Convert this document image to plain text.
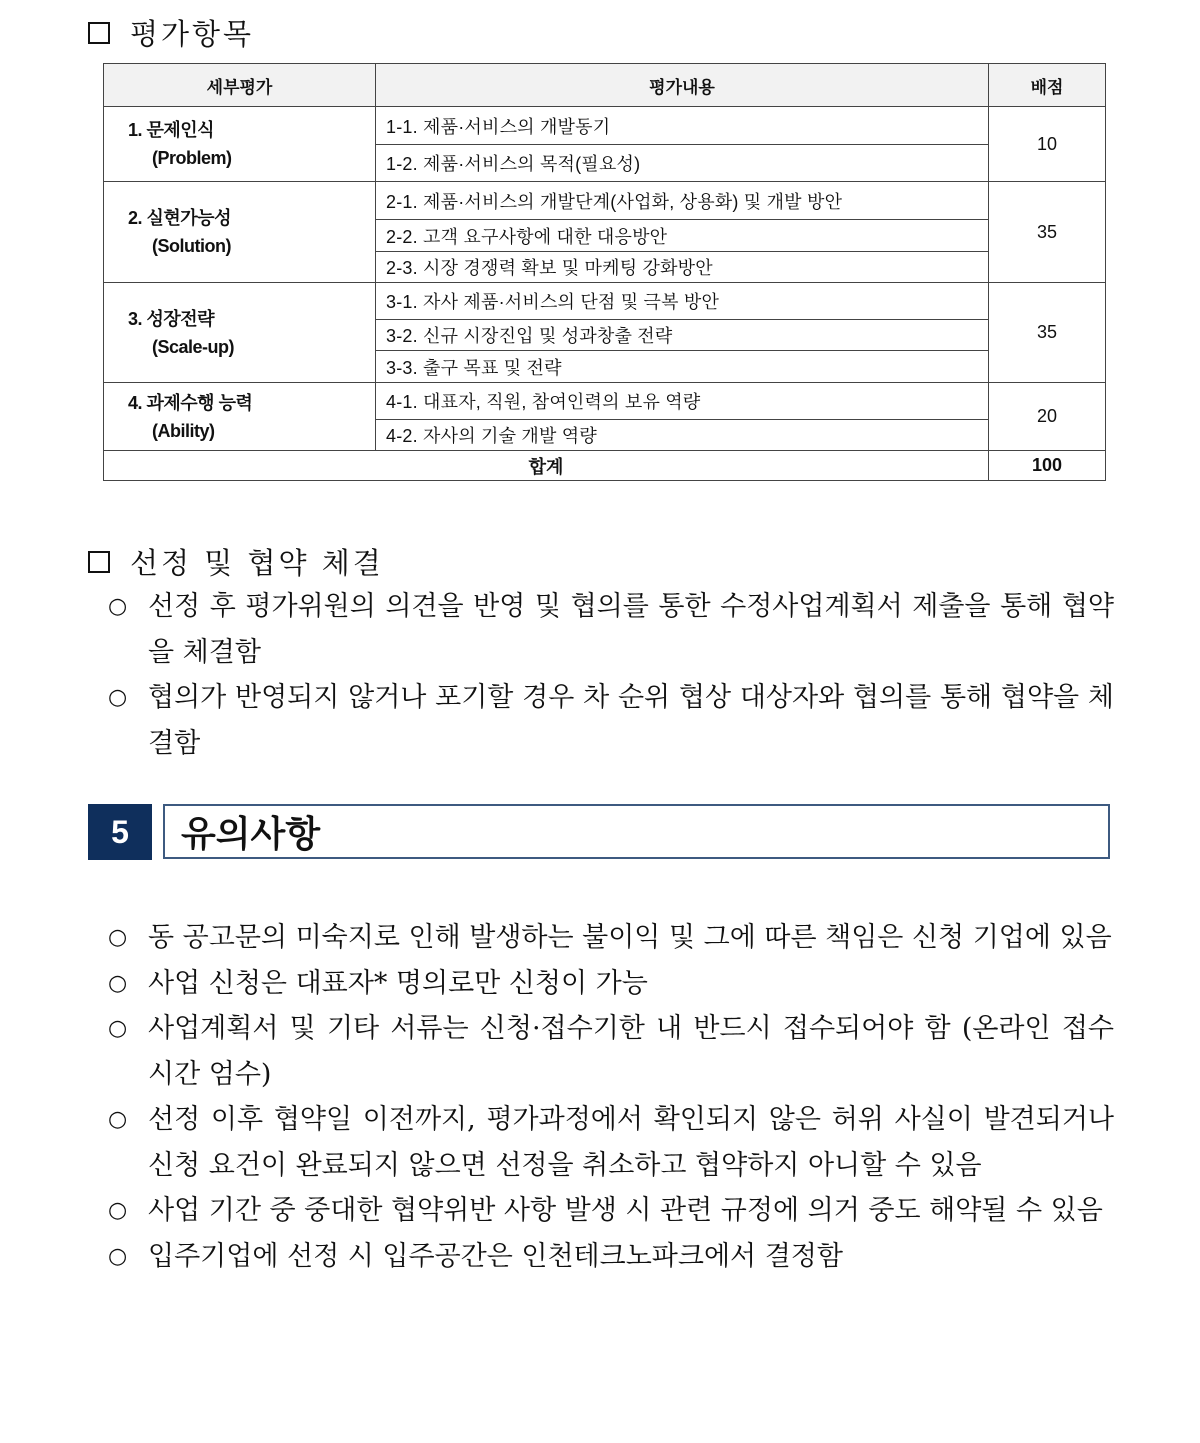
평가항목
세부평가	평가내용	배점
1. 문제인식
(Problem)	1-1. 제품·서비스의 개발동기	10
	1-2. 제품·서비스의 목적(필요성)	
2. 실현가능성
(Solution)	2-1. 제품·서비스의 개발단계(사업화, 상용화) 및 개발 방안	35
	2-2. 고객 요구사항에 대한 대응방안	
	2-3. 시장 경쟁력 확보 및 마케팅 강화방안	
3. 성장전략
(Scale-up)	3-1. 자사 제품·서비스의 단점 및 극복 방안	35
	3-2. 신규 시장진입 및 성과창출 전략	
	3-3. 출구 목표 및 전략	
4. 과제수행 능력
(Ability)	4-1. 대표자, 직원, 참여인력의 보유 역량	20
	4-2. 자사의 기술 개발 역량	
합계		100
선정 및 협약 체결
○ 선정 후 평가위원의 의견을 반영 및 협의를 통한 수정사업계획서 제출을 통해 협약을 체결함
○ 협의가 반영되지 않거나 포기할 경우 차 순위 협상 대상자와 협의를 통해 협약을 체결함
5	유의사항
○ 동 공고문의 미숙지로 인해 발생하는 불이익 및 그에 따른 책임은 신청 기업에 있음
○ 사업 신청은 대표자* 명의로만 신청이 가능
○ 사업계획서 및 기타 서류는 신청·접수기한 내 반드시 접수되어야 함 (온라인 접수 시간 엄수)
○ 선정 이후 협약일 이전까지, 평가과정에서 확인되지 않은 허위 사실이 발견되거나 신청 요건이 완료되지 않으면 선정을 취소하고 협약하지 아니할 수 있음
○ 사업 기간 중 중대한 협약위반 사항 발생 시 관련 규정에 의거 중도 해약될 수 있음
○ 입주기업에 선정 시 입주공간은 인천테크노파크에서 결정함
